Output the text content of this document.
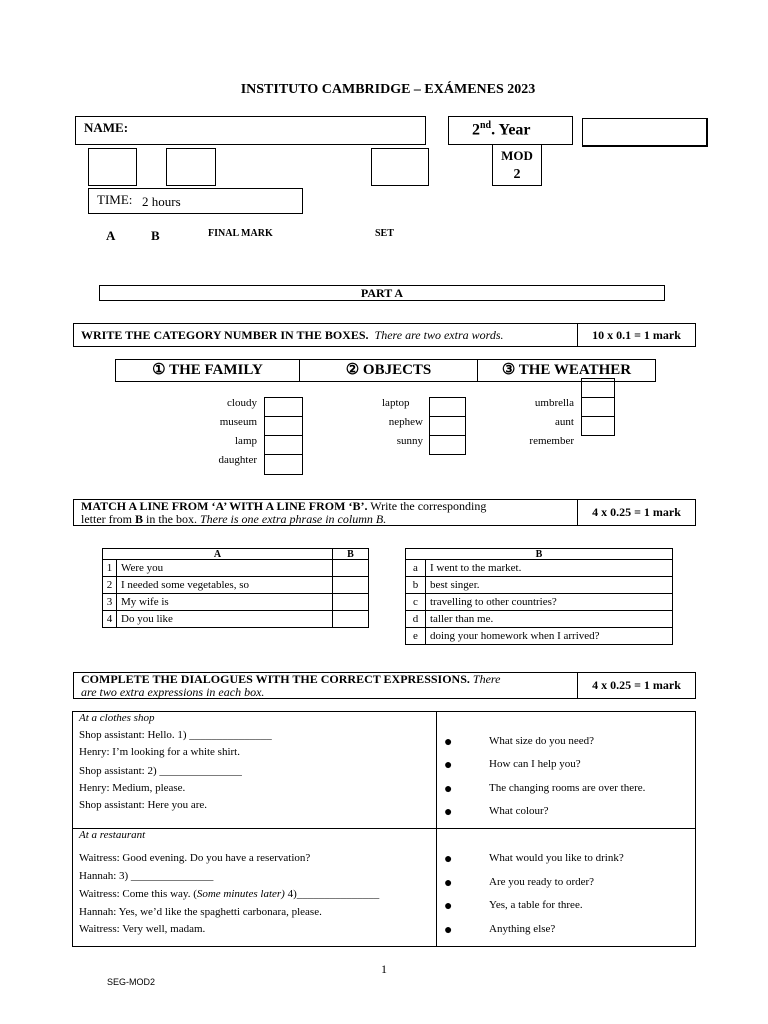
INSTITUTO CAMBRIDGE – EXÁMENES 2023
NAME:	2nd. Year
MOD
2
TIME: 2 hours
A	B	FINAL MARK	SET
PART A
WRITE THE CATEGORY NUMBER IN THE BOXES. There are two extra words.	10 x 0.1 = 1 mark
① THE FAMILY	② OBJECTS	③ THE WEATHER
cloudy
museum
lamp
daughter
laptop
nephew
sunny
umbrella
aunt
remember
MATCH A LINE FROM ‘A’ WITH A LINE FROM ‘B’. Write the corresponding
letter from B in the box. There is one extra phrase in column B.	4 x 0.25 = 1 mark
A		B
1	Were you	
2	I needed some vegetables, so	
3	My wife is	
4	Do you like	
B	
a	I went to the market.
b	best singer.
c	travelling to other countries?
d	taller than me.
e	doing your homework when I arrived?
COMPLETE THE DIALOGUES WITH THE CORRECT EXPRESSIONS. There
are two extra expressions in each box.	4 x 0.25 = 1 mark
At a clothes shop
Shop assistant: Hello. 1) _______________
Henry: I’m looking for a white shirt.
Shop assistant: 2) _______________
Henry: Medium, please.
Shop assistant: Here you are.
●	What size do you need?
●	How can I help you?
●	The changing rooms are over there.
●	What colour?
At a restaurant
Waitress: Good evening. Do you have a reservation?
Hannah: 3) _______________
Waitress: Come this way. (Some minutes later) 4)_______________
Hannah: Yes, we’d like the spaghetti carbonara, please.
Waitress: Very well, madam.
●	What would you like to drink?
●	Are you ready to order?
●	Yes, a table for three.
●	Anything else?
1
SEG-MOD2
